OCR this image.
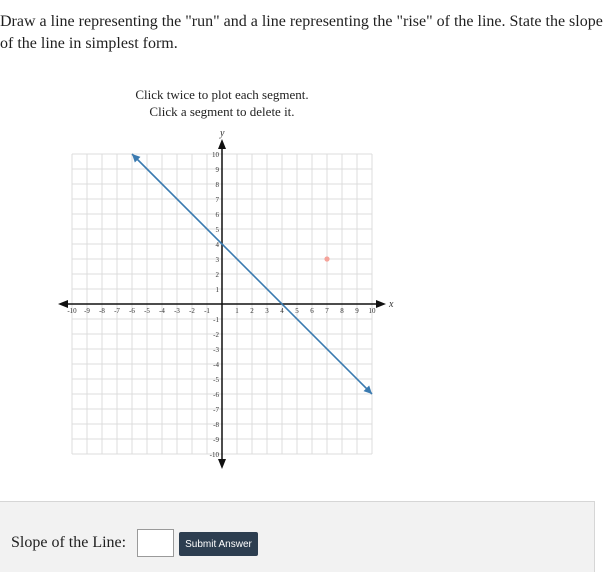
Draw a line representing the "run" and a line representing the "rise" of the line. State the slope of the line in simplest form.
Click twice to plot each segment.
Click a segment to delete it.
x
y
-10 -9 -8 -7 -6 -5 -4 -3 -2 -1	1 2 3 4 5 6 7 8 9 10
10
9
8
7
6
5
4
3
2
1
-1
-2
-3
-4
-5
-6
-7
-8
-9
-10
Slope of the Line:	Submit Answer
